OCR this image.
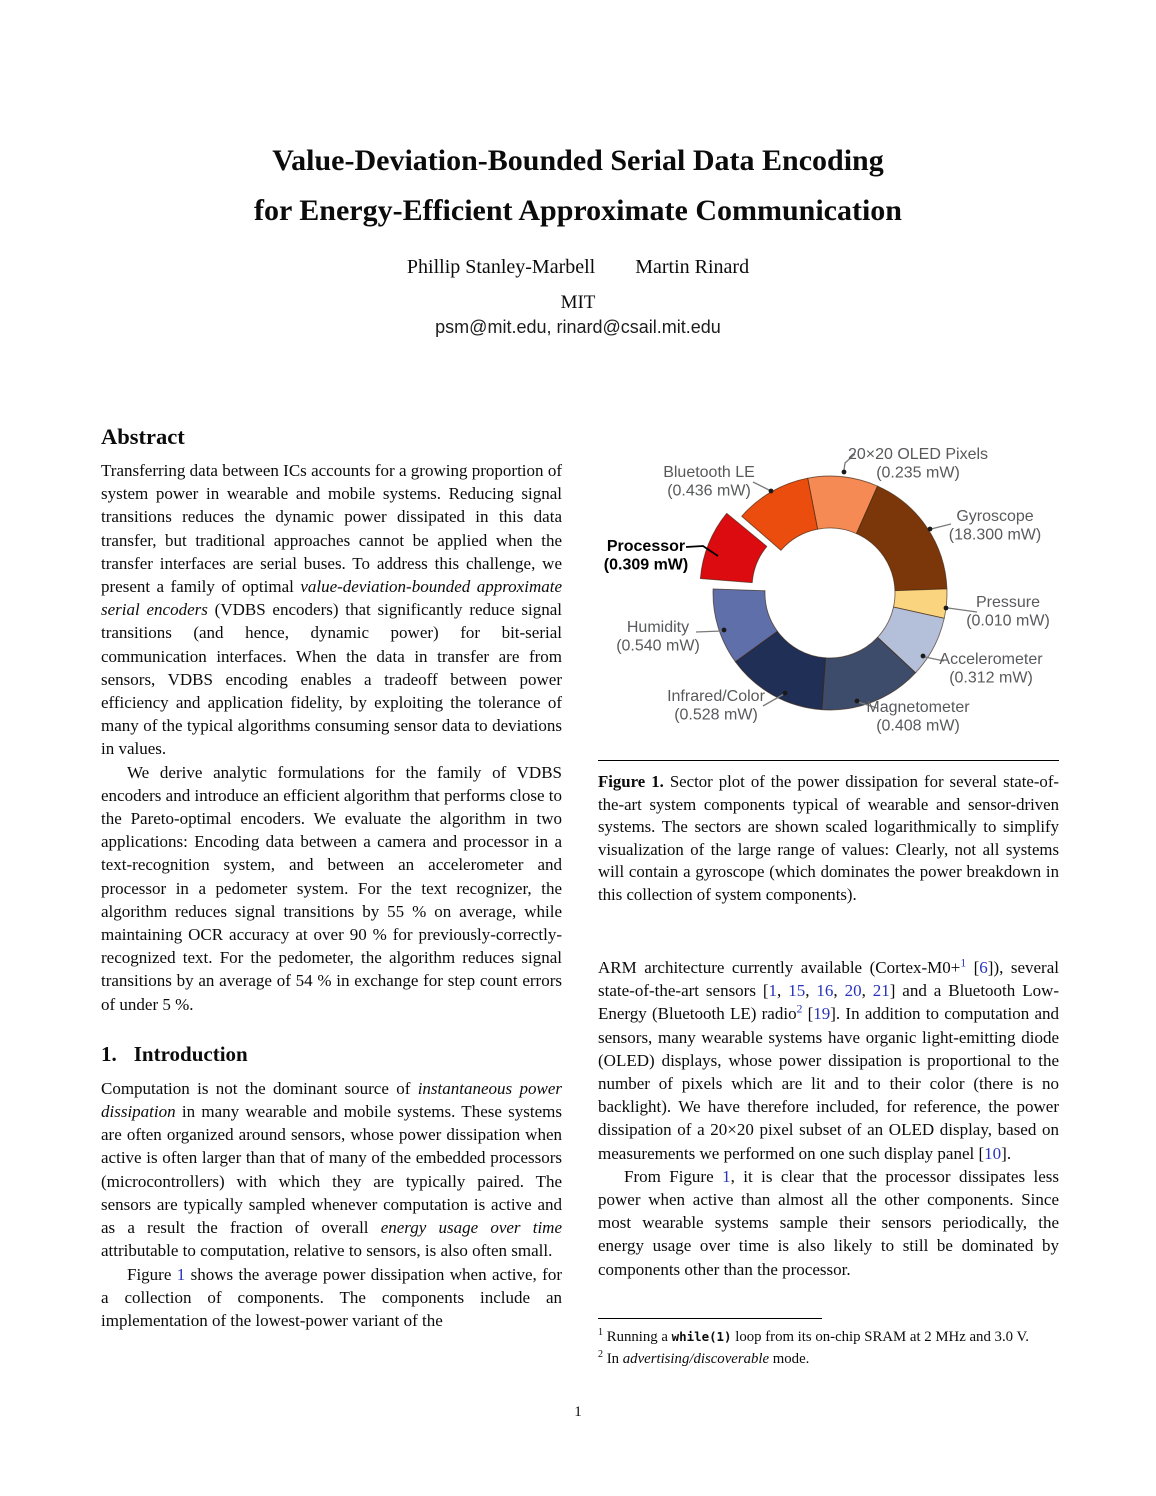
Value-Deviation-Bounded Serial Data Encoding
for Energy-Efficient Approximate Communication
Phillip Stanley-Marbell Martin Rinard
MIT
psm@mit.edu, rinard@csail.mit.edu
Abstract

Transferring data between ICs accounts for a growing proportion of system power in wearable and mobile systems. Reducing signal transitions reduces the dynamic power dissipated in this data transfer, but traditional approaches cannot be applied when the transfer interfaces are serial buses. To address this challenge, we present a family of optimal value-deviation-bounded approximate serial encoders (VDBS encoders) that significantly reduce signal transitions (and hence, dynamic power) for bit-serial communication interfaces. When the data in transfer are from sensors, VDBS encoding enables a tradeoff between power efficiency and application fidelity, by exploiting the tolerance of many of the typical algorithms consuming sensor data to deviations in values.

We derive analytic formulations for the family of VDBS encoders and introduce an efficient algorithm that performs close to the Pareto-optimal encoders. We evaluate the algorithm in two applications: Encoding data between a camera and processor in a text-recognition system, and between an accelerometer and processor in a pedometer system. For the text recognizer, the algorithm reduces signal transitions by 55 % on average, while maintaining OCR accuracy at over 90 % for previously-correctly-recognized text. For the pedometer, the algorithm reduces signal transitions by an average of 54 % in exchange for step count errors of under 5 %.

1. Introduction

Computation is not the dominant source of instantaneous power dissipation in many wearable and mobile systems. These systems are often organized around sensors, whose power dissipation when active is often larger than that of many of the embedded processors (microcontrollers) with which they are typically paired. The sensors are typically sampled whenever computation is active and as a result the fraction of overall energy usage over time attributable to computation, relative to sensors, is also often small.

Figure 1 shows the average power dissipation when active, for a collection of components. The components include an implementation of the lowest-power variant of the

20×20 OLED Pixels
(0.235 mW)
Gyroscope
(18.300 mW)
Pressure
(0.010 mW)
Accelerometer
(0.312 mW)
Magnetometer
(0.408 mW)
Infrared/Color
(0.528 mW)
Humidity
(0.540 mW)
Processor
(0.309 mW)
Bluetooth LE
(0.436 mW)
Figure 1. Sector plot of the power dissipation for several state-of-the-art system components typical of wearable and sensor-driven systems. The sectors are shown scaled logarithmically to simplify visualization of the large range of values: Clearly, not all systems will contain a gyroscope (which dominates the power breakdown in this collection of system components).

ARM architecture currently available (Cortex-M0+$^1$ [6]), several state-of-the-art sensors [1, 15, 16, 20, 21] and a Bluetooth Low-Energy (Bluetooth LE) radio$^2$ [19]. In addition to computation and sensors, many wearable systems have organic light-emitting diode (OLED) displays, whose power dissipation is proportional to the number of pixels which are lit and to their color (there is no backlight). We have therefore included, for reference, the power dissipation of a 20×20 pixel subset of an OLED display, based on measurements we performed on one such display panel [10].

From Figure 1, it is clear that the processor dissipates less power when active than almost all the other components. Since most wearable systems sample their sensors periodically, the energy usage over time is also likely to still be dominated by components other than the processor.

$^1$ Running a while(1) loop from its on-chip SRAM at 2 MHz and 3.0 V.
$^2$ In advertising/discoverable mode.
1
